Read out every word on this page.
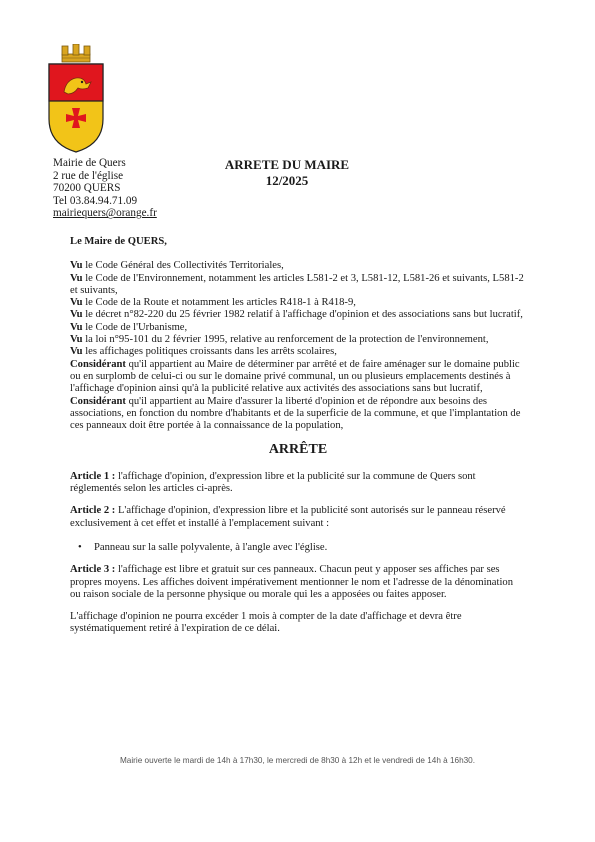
Mairie de Quers
2 rue de l'église
70200 QUERS
Tel 03.84.94.71.09
mairiequers@orange.fr
ARRETE DU MAIRE
12/2025

Le Maire de QUERS,

Vu le Code Général des Collectivités Territoriales,

Vu le Code de l'Environnement, notamment les articles L581-2 et 3, L581-12, L581-26 et suivants, L581-2 et suivants,

Vu le Code de la Route et notamment les articles R418-1 à R418-9,

Vu le décret n°82-220 du 25 février 1982 relatif à l'affichage d'opinion et des associations sans but lucratif,

Vu le Code de l'Urbanisme,

Vu la loi n°95-101 du 2 février 1995, relative au renforcement de la protection de l'environnement,

Vu les affichages politiques croissants dans les arrêts scolaires,

Considérant qu'il appartient au Maire de déterminer par arrêté et de faire aménager sur le domaine public ou en surplomb de celui-ci ou sur le domaine privé communal, un ou plusieurs emplacements destinés à l'affichage d'opinion ainsi qu'à la publicité relative aux activités des associations sans but lucratif,

Considérant qu'il appartient au Maire d'assurer la liberté d'opinion et de répondre aux besoins des associations, en fonction du nombre d'habitants et de la superficie de la commune, et que l'implantation de ces panneaux doit être portée à la connaissance de la population,

ARRÊTE

Article 1 : l'affichage d'opinion, d'expression libre et la publicité sur la commune de Quers sont réglementés selon les articles ci-après.

Article 2 : L'affichage d'opinion, d'expression libre et la publicité sont autorisés sur le panneau réservé exclusivement à cet effet et installé à l'emplacement suivant :

•	Panneau sur la salle polyvalente, à l'angle avec l'église.

Article 3 : l'affichage est libre et gratuit sur ces panneaux. Chacun peut y apposer ses affiches par ses propres moyens. Les affiches doivent impérativement mentionner le nom et l'adresse de la dénomination ou raison sociale de la personne physique ou morale qui les a apposées ou faites apposer.

L'affichage d'opinion ne pourra excéder 1 mois à compter de la date d'affichage et devra être systématiquement retiré à l'expiration de ce délai.

Mairie ouverte le mardi de 14h à 17h30, le mercredi de 8h30 à 12h et le vendredi de 14h à 16h30.
